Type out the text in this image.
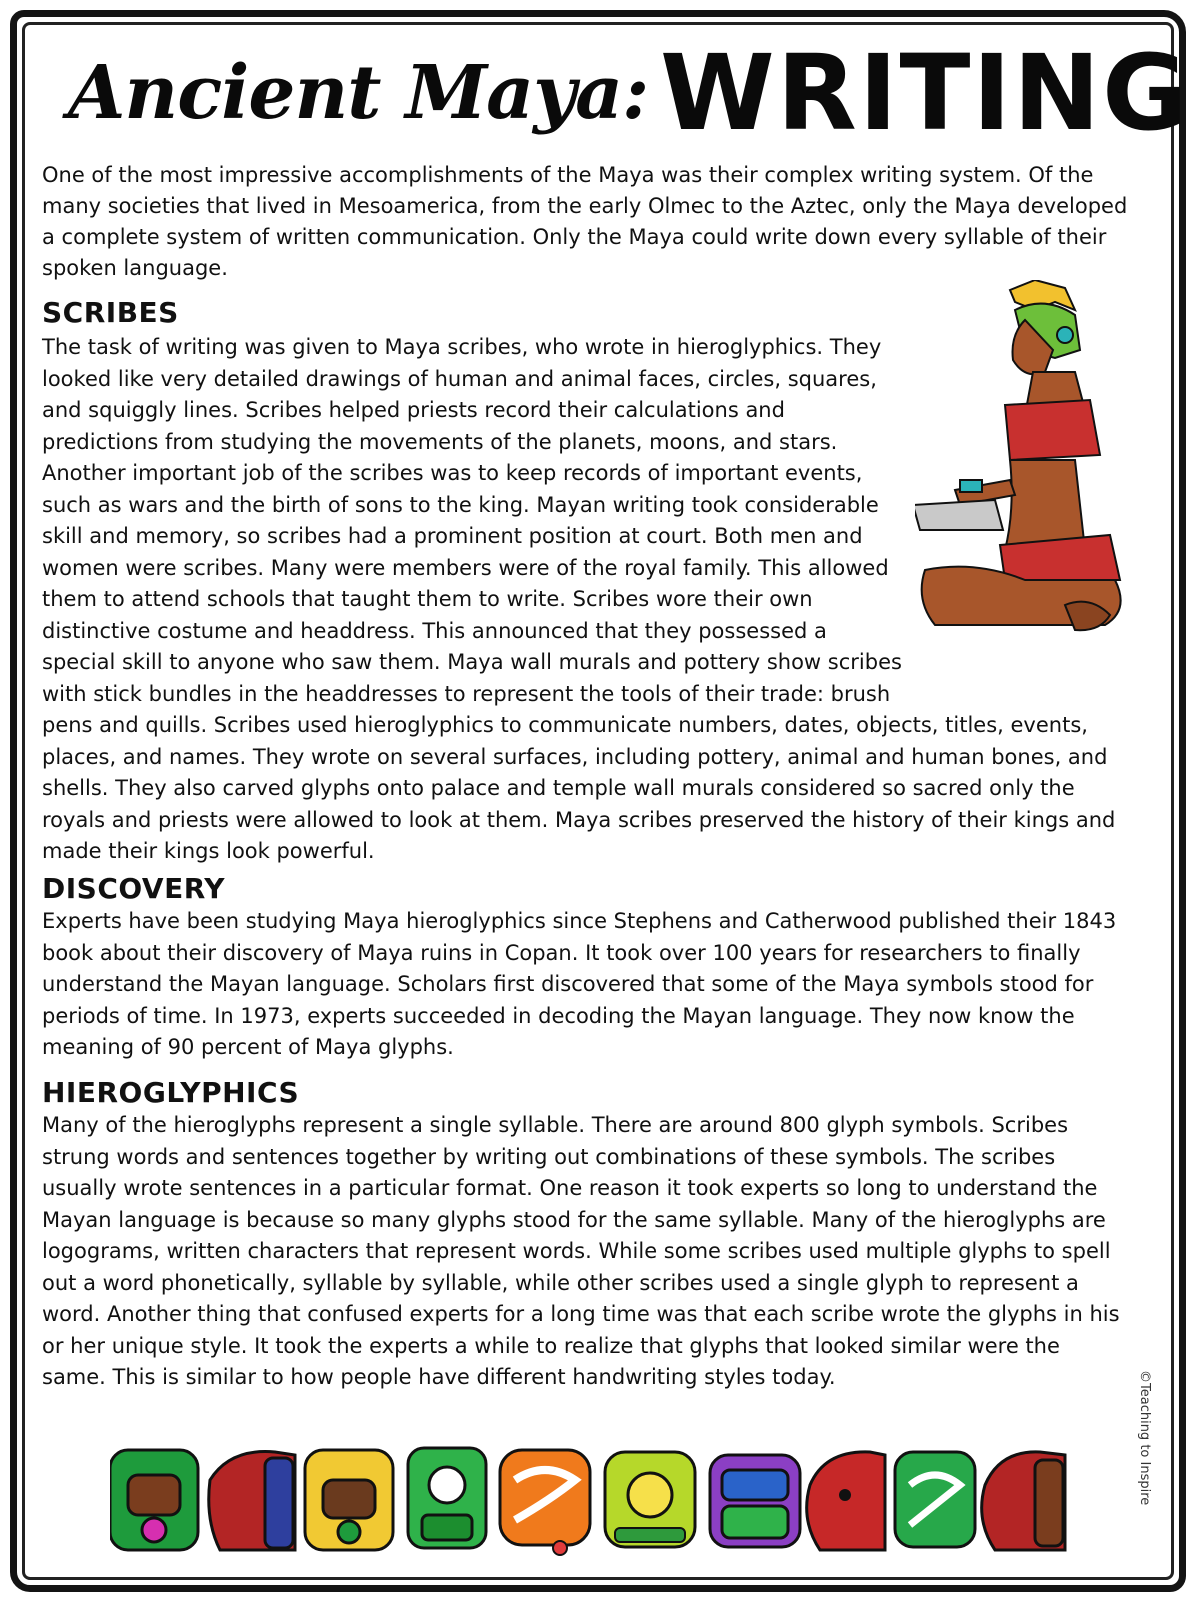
Ancient Maya: WRITING
One of the most impressive accomplishments of the Maya was their complex writing system. Of the many societies that lived in Mesoamerica, from the early Olmec to the Aztec, only the Maya developed a complete system of written communication. Only the Maya could write down every syllable of their spoken language.
SCRIBES
The task of writing was given to Maya scribes, who wrote in hieroglyphics. They looked like very detailed drawings of human and animal faces, circles, squares, and squiggly lines. Scribes helped priests record their calculations and predictions from studying the movements of the planets, moons, and stars. Another important job of the scribes was to keep records of important events, such as wars and the birth of sons to the king. Mayan writing took considerable skill and memory, so scribes had a prominent position at court. Both men and women were scribes. Many were members were of the royal family. This allowed them to attend schools that taught them to write. Scribes wore their own distinctive costume and headdress. This announced that they possessed a special skill to anyone who saw them. Maya wall murals and pottery show scribes with stick bundles in the headdresses to represent the tools of their trade: brush pens and quills. Scribes used hieroglyphics to communicate numbers, dates, objects, titles, events, places, and names. They wrote on several surfaces, including pottery, animal and human bones, and shells. They also carved glyphs onto palace and temple wall murals considered so sacred only the royals and priests were allowed to look at them. Maya scribes preserved the history of their kings and made their kings look powerful.
DISCOVERY
Experts have been studying Maya hieroglyphics since Stephens and Catherwood published their 1843 book about their discovery of Maya ruins in Copan. It took over 100 years for researchers to finally understand the Mayan language. Scholars first discovered that some of the Maya symbols stood for periods of time. In 1973, experts succeeded in decoding the Mayan language. They now know the meaning of 90 percent of Maya glyphs.
HIEROGLYPHICS
Many of the hieroglyphs represent a single syllable. There are around 800 glyph symbols. Scribes strung words and sentences together by writing out combinations of these symbols. The scribes usually wrote sentences in a particular format. One reason it took experts so long to understand the Mayan language is because so many glyphs stood for the same syllable. Many of the hieroglyphs are logograms, written characters that represent words. While some scribes used multiple glyphs to spell out a word phonetically, syllable by syllable, while other scribes used a single glyph to represent a word. Another thing that confused experts for a long time was that each scribe wrote the glyphs in his or her unique style. It took the experts a while to realize that glyphs that looked similar were the same. This is similar to how people have different handwriting styles today.	©Teaching to Inspire
